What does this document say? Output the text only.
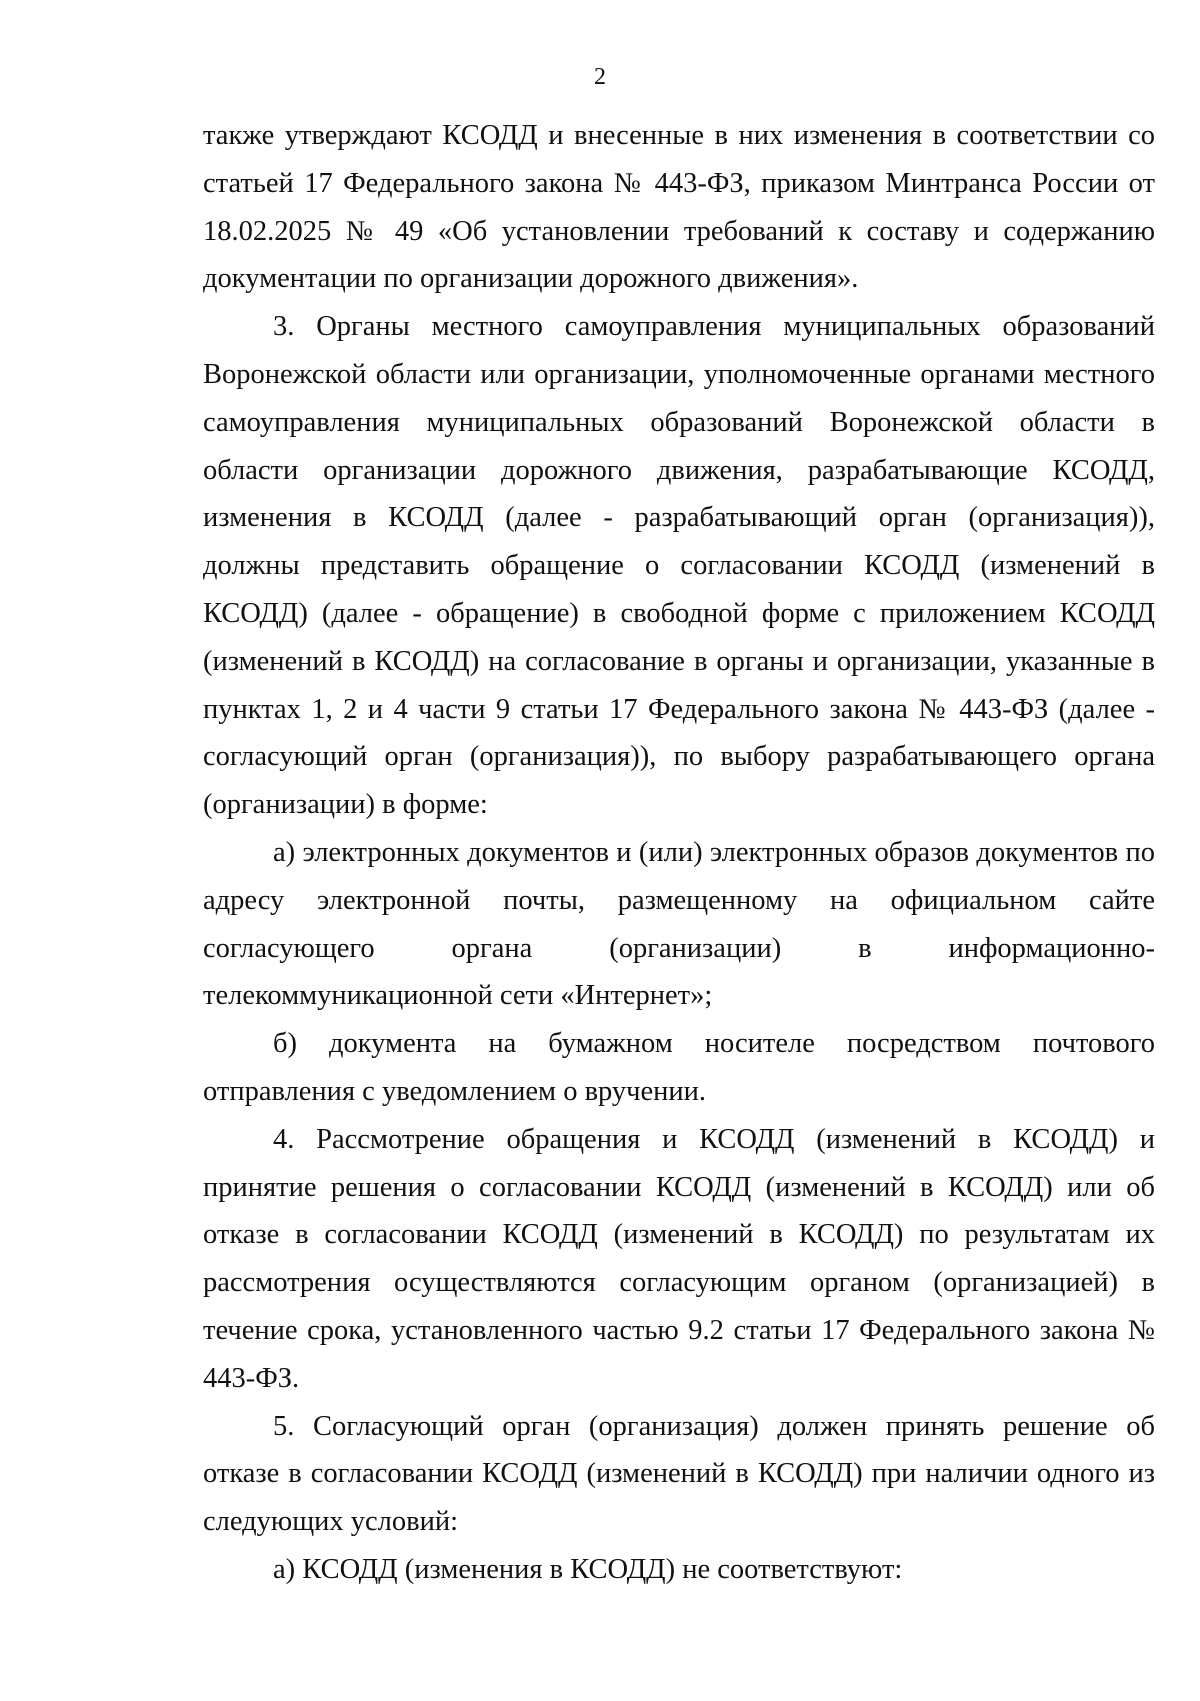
2

также утверждают КСОДД и внесенные в них изменения в соответствии со статьей 17 Федерального закона № 443-ФЗ, приказом Минтранса России от 18.02.2025 № 49 «Об установлении требований к составу и содержанию документации по организации дорожного движения».

3. Органы местного самоуправления муниципальных образований Воронежской области или организации, уполномоченные органами местного самоуправления муниципальных образований Воронежской области в области организации дорожного движения, разрабатывающие КСОДД, изменения в КСОДД (далее - разрабатывающий орган (организация)), должны представить обращение о согласовании КСОДД (изменений в КСОДД) (далее - обращение) в свободной форме с приложением КСОДД (изменений в КСОДД) на согласование в органы и организации, указанные в пунктах 1, 2 и 4 части 9 статьи 17 Федерального закона № 443-ФЗ (далее - согласующий орган (организация)), по выбору разрабатывающего органа (организации) в форме:

а) электронных документов и (или) электронных образов документов по адресу электронной почты, размещенному на официальном сайте согласующего органа (организации) в информационно-телекоммуникационной сети «Интернет»;

б) документа на бумажном носителе посредством почтового отправления с уведомлением о вручении.

4. Рассмотрение обращения и КСОДД (изменений в КСОДД) и принятие решения о согласовании КСОДД (изменений в КСОДД) или об отказе в согласовании КСОДД (изменений в КСОДД) по результатам их рассмотрения осуществляются согласующим органом (организацией) в течение срока, установленного частью 9.2 статьи 17 Федерального закона № 443-ФЗ.

5. Согласующий орган (организация) должен принять решение об отказе в согласовании КСОДД (изменений в КСОДД) при наличии одного из следующих условий:

а) КСОДД (изменения в КСОДД) не соответствуют:
